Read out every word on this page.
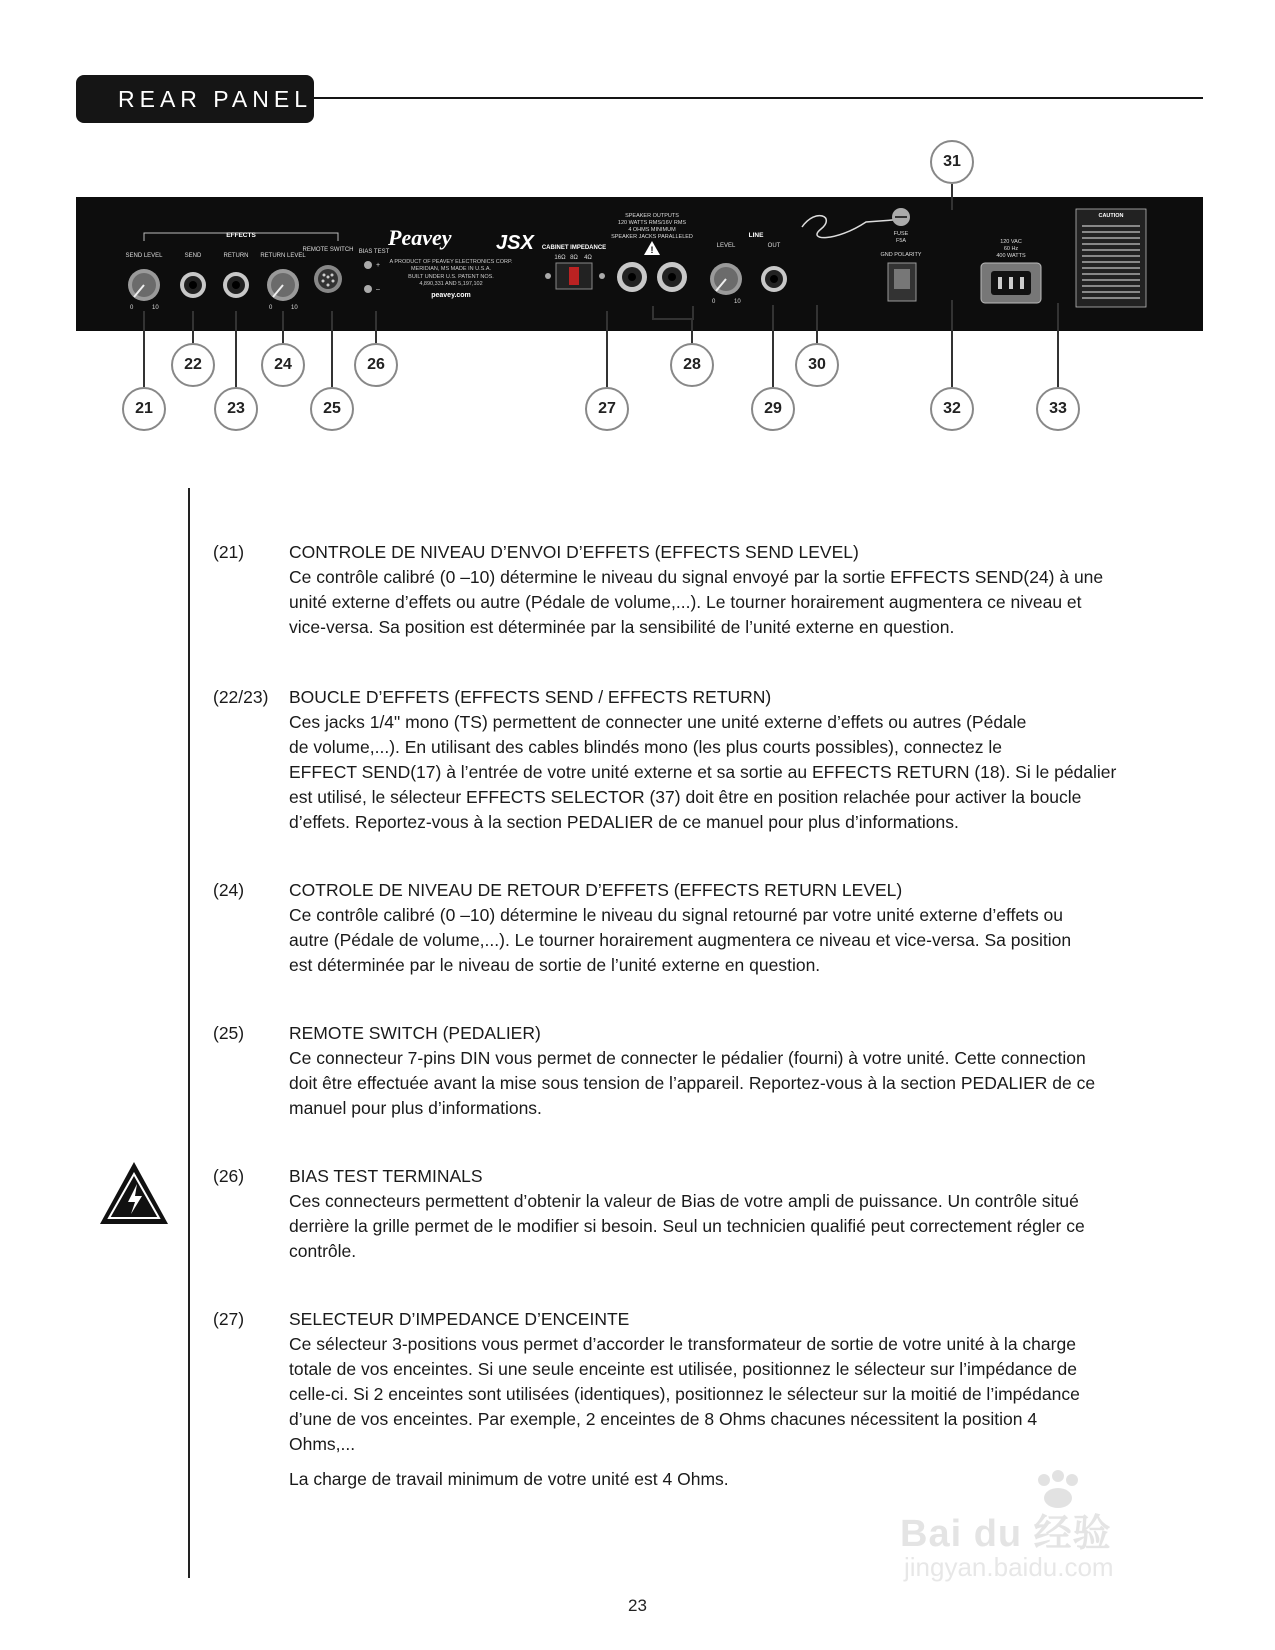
REAR PANEL
EFFECTS
SEND LEVEL	SEND	RETURN RETURN LEVEL
REMOTE SWITCH BIAS TEST
0	10	0	10
+
–
Peavey JSX
A PRODUCT OF PEAVEY ELECTRONICS CORP.
MERIDIAN, MS MADE IN U.S.A.
BUILT UNDER U.S. PATENT NOS.
4,890,331 AND 5,197,102
peavey.com
SPEAKER OUTPUTS
120 WATTS RMS/16V RMS
4 OHMS MINIMUM
SPEAKER JACKS PARALLELED
!
CABINET IMPEDANCE
16Ω 8Ω 4Ω
LINE
LEVEL	OUT
0	10
FUSE
F5A
GND POLARITY
120 VAC
60 Hz
400 WATTS
CAUTION
21
22
23
24
25
26
27
28
29
30
31
32	33
(21)	CONTROLE DE NIVEAU D’ENVOI D’EFFETS (EFFECTS SEND LEVEL)
Ce contrôle calibré (0 –10) détermine le niveau du signal envoyé par la sortie EFFECTS SEND(24) à une
unité externe d’effets ou autre (Pédale de volume,...). Le tourner horairement augmentera ce niveau et
vice-versa. Sa position est déterminée par la sensibilité de l’unité externe en question.
(22/23) BOUCLE D’EFFETS (EFFECTS SEND / EFFECTS RETURN)
Ces jacks 1/4" mono (TS) permettent de connecter une unité externe d’effets ou autres (Pédale
de volume,...). En utilisant des cables blindés mono (les plus courts possibles), connectez le
EFFECT SEND(17) à l’entrée de votre unité externe et sa sortie au EFFECTS RETURN (18). Si le pédalier
est utilisé, le sélecteur EFFECTS SELECTOR (37) doit être en position relachée pour activer la boucle
d’effets. Reportez-vous à la section PEDALIER de ce manuel pour plus d’informations.
(24)	COTROLE DE NIVEAU DE RETOUR D’EFFETS (EFFECTS RETURN LEVEL)
Ce contrôle calibré (0 –10) détermine le niveau du signal retourné par votre unité externe d’effets ou
autre (Pédale de volume,...). Le tourner horairement augmentera ce niveau et vice-versa. Sa position
est déterminée par le niveau de sortie de l’unité externe en question.
(25)	REMOTE SWITCH (PEDALIER)
Ce connecteur 7-pins DIN vous permet de connecter le pédalier (fourni) à votre unité. Cette connection
doit être effectuée avant la mise sous tension de l’appareil. Reportez-vous à la section PEDALIER de ce
manuel pour plus d’informations.
(26)	BIAS TEST TERMINALS
Ces connecteurs permettent d’obtenir la valeur de Bias de votre ampli de puissance. Un contrôle situé
derrière la grille permet de le modifier si besoin. Seul un technicien qualifié peut correctement régler ce
contrôle.
(27)	SELECTEUR D’IMPEDANCE D’ENCEINTE
Ce sélecteur 3-positions vous permet d’accorder le transformateur de sortie de votre unité à la charge
totale de vos enceintes. Si une seule enceinte est utilisée, positionnez le sélecteur sur l’impédance de
celle-ci. Si 2 enceintes sont utilisées (identiques), positionnez le sélecteur sur la moitié de l’impédance
d’une de vos enceintes. Par exemple, 2 enceintes de 8 Ohms chacunes nécessitent la position 4
Ohms,...
La charge de travail minimum de votre unité est 4 Ohms.
Bai du 经验
jingyan.baidu.com
23
